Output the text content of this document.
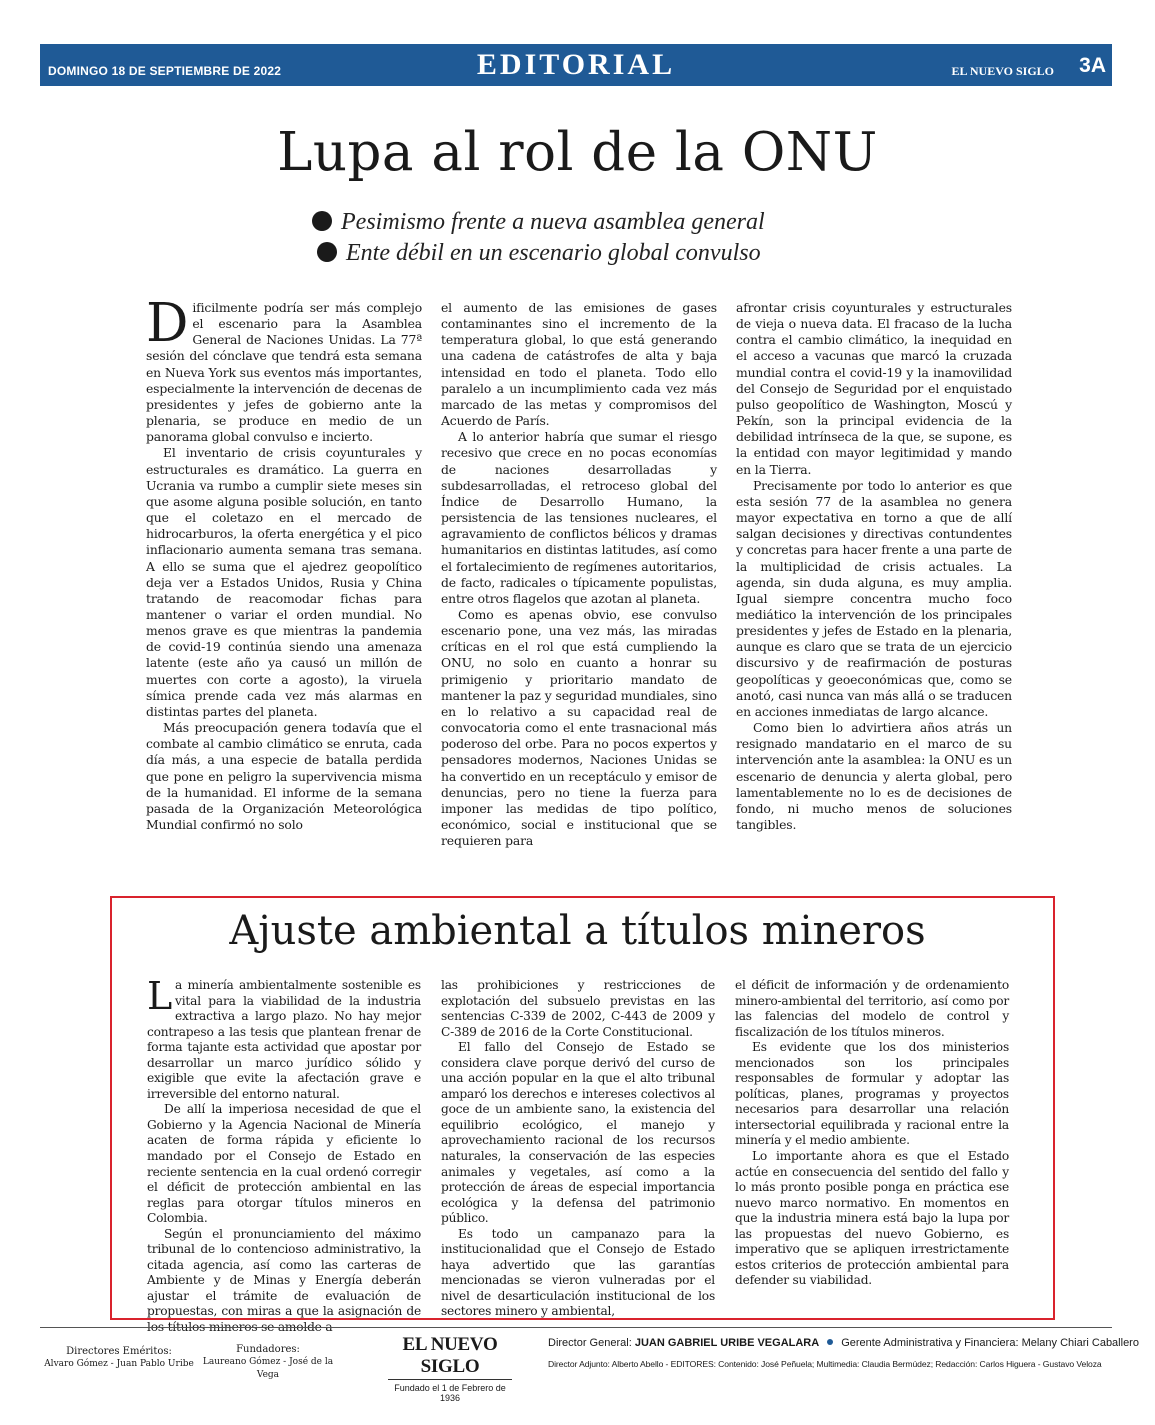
DOMINGO 18 DE SEPTIEMBRE DE 2022	EDITORIAL	EL NUEVO SIGLO 3A
Lupa al rol de la ONU
Pesimismo frente a nueva asamblea general
Ente débil en un escenario global convulso

Dificilmente podría ser más complejo el escenario para la Asamblea General de Naciones Unidas. La 77ª sesión del cónclave que tendrá esta semana en Nueva York sus eventos más importantes, especialmente la intervención de decenas de presidentes y jefes de gobierno ante la plenaria, se produce en medio de un panorama global convulso e incierto.

El inventario de crisis coyunturales y estructurales es dramático. La guerra en Ucrania va rumbo a cumplir siete meses sin que asome alguna posible solución, en tanto que el coletazo en el mercado de hidrocarburos, la oferta energética y el pico inflacionario aumenta semana tras semana. A ello se suma que el ajedrez geopolítico deja ver a Estados Unidos, Rusia y China tratando de reacomodar fichas para mantener o variar el orden mundial. No menos grave es que mientras la pandemia de covid-19 continúa siendo una amenaza latente (este año ya causó un millón de muertes con corte a agosto), la viruela símica prende cada vez más alarmas en distintas partes del planeta.

Más preocupación genera todavía que el combate al cambio climático se enruta, cada día más, a una especie de batalla perdida que pone en peligro la supervivencia misma de la humanidad. El informe de la semana pasada de la Organización Meteorológica Mundial confirmó no solo

el aumento de las emisiones de gases contaminantes sino el incremento de la temperatura global, lo que está generando una cadena de catástrofes de alta y baja intensidad en todo el planeta. Todo ello paralelo a un incumplimiento cada vez más marcado de las metas y compromisos del Acuerdo de París.

A lo anterior habría que sumar el riesgo recesivo que crece en no pocas economías de naciones desarrolladas y subdesarrolladas, el retroceso global del Índice de Desarrollo Humano, la persistencia de las tensiones nucleares, el agravamiento de conflictos bélicos y dramas humanitarios en distintas latitudes, así como el fortalecimiento de regímenes autoritarios, de facto, radicales o típicamente populistas, entre otros flagelos que azotan al planeta.

Como es apenas obvio, ese convulso escenario pone, una vez más, las miradas críticas en el rol que está cumpliendo la ONU, no solo en cuanto a honrar su primigenio y prioritario mandato de mantener la paz y seguridad mundiales, sino en lo relativo a su capacidad real de convocatoria como el ente trasnacional más poderoso del orbe. Para no pocos expertos y pensadores modernos, Naciones Unidas se ha convertido en un receptáculo y emisor de denuncias, pero no tiene la fuerza para imponer las medidas de tipo político, económico, social e institucional que se requieren para

afrontar crisis coyunturales y estructurales de vieja o nueva data. El fracaso de la lucha contra el cambio climático, la inequidad en el acceso a vacunas que marcó la cruzada mundial contra el covid-19 y la inamovilidad del Consejo de Seguridad por el enquistado pulso geopolítico de Washington, Moscú y Pekín, son la principal evidencia de la debilidad intrínseca de la que, se supone, es la entidad con mayor legitimidad y mando en la Tierra.

Precisamente por todo lo anterior es que esta sesión 77 de la asamblea no genera mayor expectativa en torno a que de allí salgan decisiones y directivas contundentes y concretas para hacer frente a una parte de la multiplicidad de crisis actuales. La agenda, sin duda alguna, es muy amplia. Igual siempre concentra mucho foco mediático la intervención de los principales presidentes y jefes de Estado en la plenaria, aunque es claro que se trata de un ejercicio discursivo y de reafirmación de posturas geopolíticas y geoeconómicas que, como se anotó, casi nunca van más allá o se traducen en acciones inmediatas de largo alcance.

Como bien lo advirtiera años atrás un resignado mandatario en el marco de su intervención ante la asamblea: la ONU es un escenario de denuncia y alerta global, pero lamentablemente no lo es de decisiones de fondo, ni mucho menos de soluciones tangibles.

Ajuste ambiental a títulos mineros

La minería ambientalmente sostenible es vital para la viabilidad de la industria extractiva a largo plazo. No hay mejor contrapeso a las tesis que plantean frenar de forma tajante esta actividad que apostar por desarrollar un marco jurídico sólido y exigible que evite la afectación grave e irreversible del entorno natural.

De allí la imperiosa necesidad de que el Gobierno y la Agencia Nacional de Minería acaten de forma rápida y eficiente lo mandado por el Consejo de Estado en reciente sentencia en la cual ordenó corregir el déficit de protección ambiental en las reglas para otorgar títulos mineros en Colombia.

Según el pronunciamiento del máximo tribunal de lo contencioso administrativo, la citada agencia, así como las carteras de Ambiente y de Minas y Energía deberán ajustar el trámite de evaluación de propuestas, con miras a que la asignación de los títulos mineros se amolde a

las prohibiciones y restricciones de explotación del subsuelo previstas en las sentencias C-339 de 2002, C-443 de 2009 y C-389 de 2016 de la Corte Constitucional.

El fallo del Consejo de Estado se considera clave porque derivó del curso de una acción popular en la que el alto tribunal amparó los derechos e intereses colectivos al goce de un ambiente sano, la existencia del equilibrio ecológico, el manejo y aprovechamiento racional de los recursos naturales, la conservación de las especies animales y vegetales, así como a la protección de áreas de especial importancia ecológica y la defensa del patrimonio público.

Es todo un campanazo para la institucionalidad que el Consejo de Estado haya advertido que las garantías mencionadas se vieron vulneradas por el nivel de desarticulación institucional de los sectores minero y ambiental,

el déficit de información y de ordenamiento minero-ambiental del territorio, así como por las falencias del modelo de control y fiscalización de los títulos mineros.

Es evidente que los dos ministerios mencionados son los principales responsables de formular y adoptar las políticas, planes, programas y proyectos necesarios para desarrollar una relación intersectorial equilibrada y racional entre la minería y el medio ambiente.

Lo importante ahora es que el Estado actúe en consecuencia del sentido del fallo y lo más pronto posible ponga en práctica ese nuevo marco normativo. En momentos en que la industria minera está bajo la lupa por las propuestas del nuevo Gobierno, es imperativo que se apliquen irrestrictamente estos criterios de protección ambiental para defender su viabilidad.

Directores Eméritos:
Alvaro Gómez - Juan Pablo Uribe
Fundadores:
Laureano Gómez - José de la Vega
EL NUEVO SIGLO
Fundado el 1 de Febrero de 1936
Director General: JUAN GABRIEL URIBE VEGALARA Gerente Administrativa y Financiera: Melany Chiari Caballero
Director Adjunto: Alberto Abello - EDITORES: Contenido: José Peñuela; Multimedia: Claudia Bermúdez; Redacción: Carlos Higuera - Gustavo Veloza
